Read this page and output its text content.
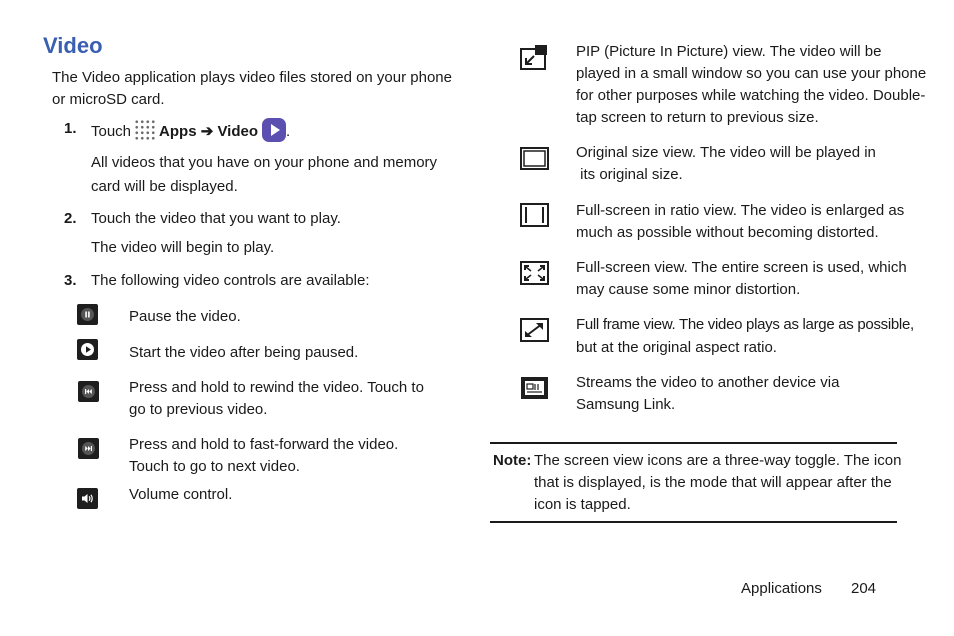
Video
The Video application plays video files stored on your phone
or microSD card.
1. Touch Apps ➔ Video .
All videos that you have on your phone and memory
card will be displayed.
2. Touch the video that you want to play.
The video will begin to play.
3. The following video controls are available:
Pause the video.
Start the video after being paused.
Press and hold to rewind the video. Touch to
go to previous video.
Press and hold to fast-forward the video.
Touch to go to next video.
Volume control.
PIP (Picture In Picture) view. The video will be
played in a small window so you can use your phone
for other purposes while watching the video. Double-
tap screen to return to previous size.
Original size view. The video will be played in
its original size.
Full-screen in ratio view. The video is enlarged as
much as possible without becoming distorted.
Full-screen view. The entire screen is used, which
may cause some minor distortion.
Full frame view. The video plays as large as possible,
but at the original aspect ratio.
Streams the video to another device via
Samsung Link.
Note: The screen view icons are a three-way toggle. The icon
that is displayed, is the mode that will appear after the
icon is tapped.
Applications 204
